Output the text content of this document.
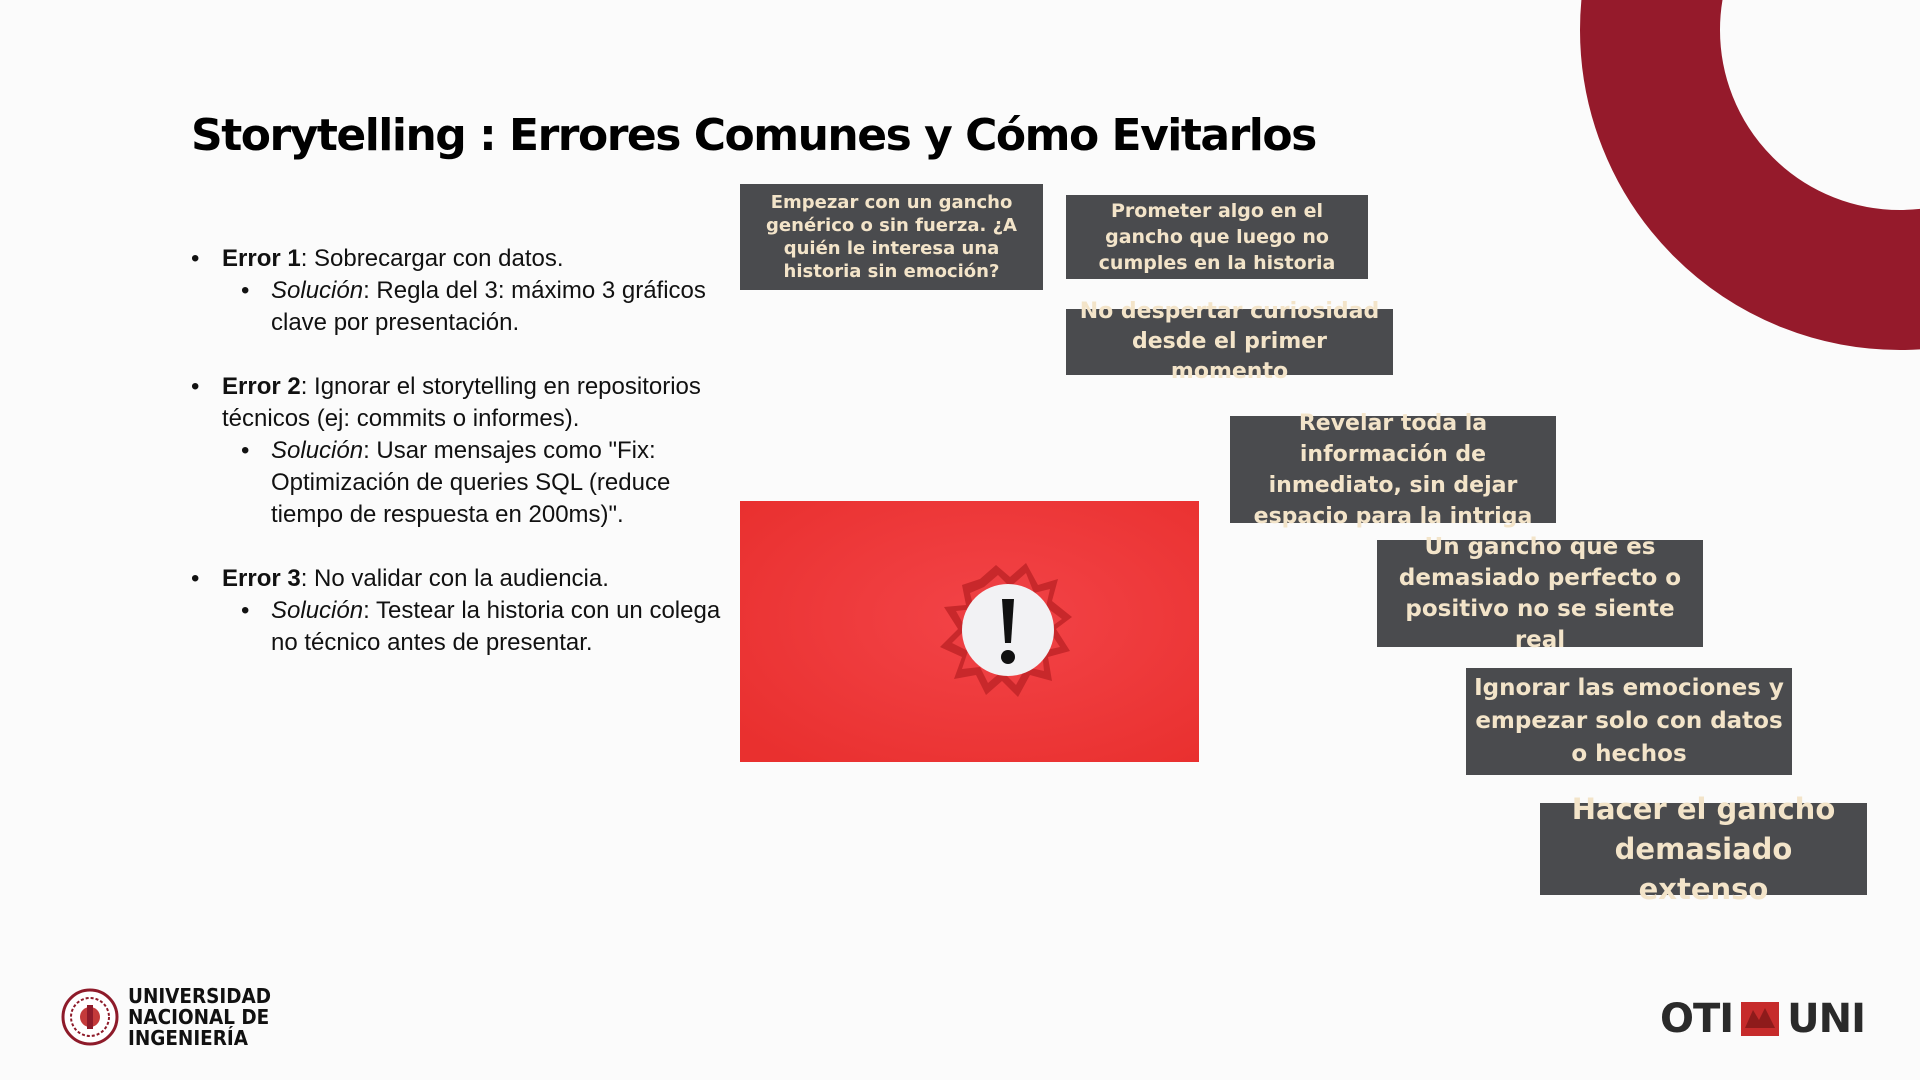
Storytelling : Errores Comunes y Cómo Evitarlos
• Error 1: Sobrecargar con datos.
• Solución: Regla del 3: máximo 3 gráficos clave por presentación.
• Error 2: Ignorar el storytelling en repositorios técnicos (ej: commits o informes).
• Solución: Usar mensajes como "Fix: Optimización de queries SQL (reduce tiempo de respuesta en 200ms)".
• Error 3: No validar con la audiencia.
• Solución: Testear la historia con un colega no técnico antes de presentar.
Empezar con un gancho genérico o sin fuerza. ¿A quién le interesa una historia sin emoción?
Prometer algo en el gancho que luego no cumples en la historia
No despertar curiosidad desde el primer momento
Revelar toda la información de inmediato, sin dejar espacio para la intriga
Un gancho que es demasiado perfecto o positivo no se siente real
Ignorar las emociones y empezar solo con datos o hechos
Hacer el gancho demasiado extenso
UNIVERSIDAD
NACIONAL DE
INGENIERÍA	OTI UNI
